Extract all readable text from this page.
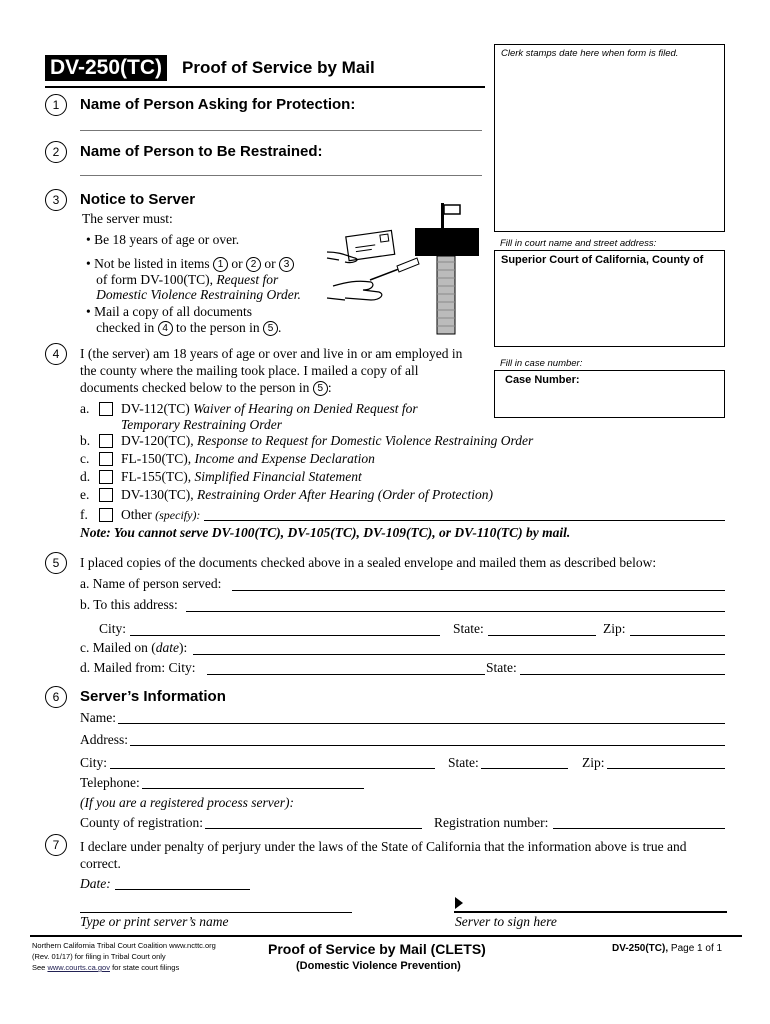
DV-250(TC) Proof of Service by Mail
Clerk stamps date here when form is filed.
Fill in court name and street address:
Superior Court of California, County of
Fill in case number:
Case Number:
1	Name of Person Asking for Protection:
2	Name of Person to Be Restrained:
3	Notice to Server
The server must:
• Be 18 years of age or over.
• Not be listed in items 1 or 2 or 3
of form DV-100(TC), Request for
Domestic Violence Restraining Order.
• Mail a copy of all documents
checked in 4 to the person in 5 .
4	I (the server) am 18 years of age or over and live in or am employed in
the county where the mailing took place. I mailed a copy of all
documents checked below to the person in 5 :
a. DV-112(TC) Waiver of Hearing on Denied Request for
Temporary Restraining Order
b. DV-120(TC), Response to Request for Domestic Violence Restraining Order
c. FL-150(TC), Income and Expense Declaration
d. FL-155(TC), Simplified Financial Statement
e. DV-130(TC), Restraining Order After Hearing (Order of Protection)
f. Other (specify):
Note: You cannot serve DV-100(TC), DV-105(TC), DV-109(TC), or DV-110(TC) by mail.
5	I placed copies of the documents checked above in a sealed envelope and mailed them as described below:
a. Name of person served:
b. To this address:
City:	State:	Zip:
c. Mailed on (date):
d. Mailed from: City:	State:
6	Server’s Information
Name:
Address:
City:	State:	Zip:
Telephone:
(If you are a registered process server):
County of registration:	Registration number:
7	I declare under penalty of perjury under the laws of the State of California that the information above is true and
correct.
Date:
Type or print server’s name	Server to sign here
Northern California Tribal Court Coalition www.ncttc.org
(Rev. 01/17) for filing in Tribal Court only
See www.courts.ca.gov for state court filings
Proof of Service by Mail (CLETS)
(Domestic Violence Prevention)
DV-250(TC), Page 1 of 1
